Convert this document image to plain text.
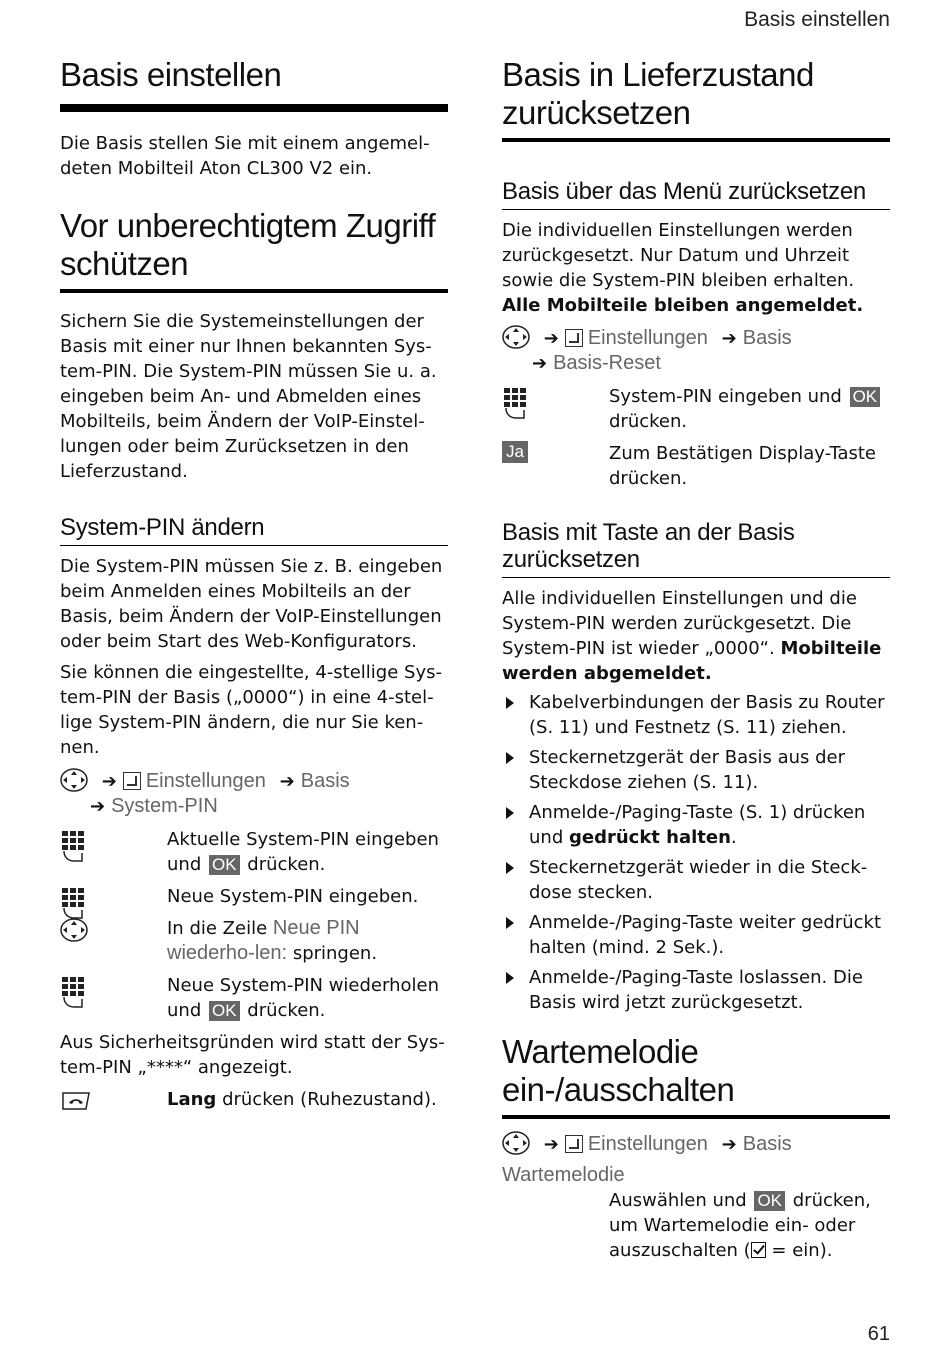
Basis einstellen
Basis einstellen

Die Basis stellen Sie mit einem angemel-deten Mobilteil Aton CL300 V2 ein.

Vor unberechtigtem Zugriff schützen

Sichern Sie die Systemeinstellungen der Basis mit einer nur Ihnen bekannten Sys-tem-PIN. Die System-PIN müssen Sie u. a. eingeben beim An- und Abmelden eines Mobilteils, beim Ändern der VoIP-Einstel-lungen oder beim Zurücksetzen in den Lieferzustand.

System-PIN ändern

Die System-PIN müssen Sie z. B. eingeben beim Anmelden eines Mobilteils an der Basis, beim Ändern der VoIP-Einstellungen oder beim Start des Web-Konfigurators.

Sie können die eingestellte, 4-stellige Sys-tem-PIN der Basis („0000“) in eine 4-stel-lige System-PIN ändern, die nur Sie ken-nen.

➔ Einstellungen ➔ Basis
➔ System-PIN
Aktuelle System-PIN eingeben und OK drücken.
Neue System-PIN eingeben.
In die Zeile Neue PIN wiederho-len: springen.
Neue System-PIN wiederholen und OK drücken.

Aus Sicherheitsgründen wird statt der Sys-tem-PIN „****“ angezeigt.

Lang drücken (Ruhezustand).
Basis in Lieferzustand zurücksetzen
Basis über das Menü zurücksetzen

Die individuellen Einstellungen werden zurückgesetzt. Nur Datum und Uhrzeit sowie die System-PIN bleiben erhalten. Alle Mobilteile bleiben angemeldet.

➔ Einstellungen ➔ Basis
➔ Basis-Reset
System-PIN eingeben und OK drücken.
Ja	Zum Bestätigen Display-Taste drücken.
Basis mit Taste an der Basis zurücksetzen

Alle individuellen Einstellungen und die System-PIN werden zurückgesetzt. Die System-PIN ist wieder „0000“. Mobilteile werden abgemeldet.

Kabelverbindungen der Basis zu Router (S. 11) und Festnetz (S. 11) ziehen.
Steckernetzgerät der Basis aus der Steckdose ziehen (S. 11).
Anmelde-/Paging-Taste (S. 1) drücken und gedrückt halten.
Steckernetzgerät wieder in die Steck-dose stecken.
Anmelde-/Paging-Taste weiter gedrückt halten (mind. 2 Sek.).
Anmelde-/Paging-Taste loslassen. Die Basis wird jetzt zurückgesetzt.
Wartemelodie ein-/ausschalten
➔ Einstellungen ➔ Basis
Wartemelodie
Auswählen und OK drücken, um Wartemelodie ein- oder auszuschalten ( = ein).
61
